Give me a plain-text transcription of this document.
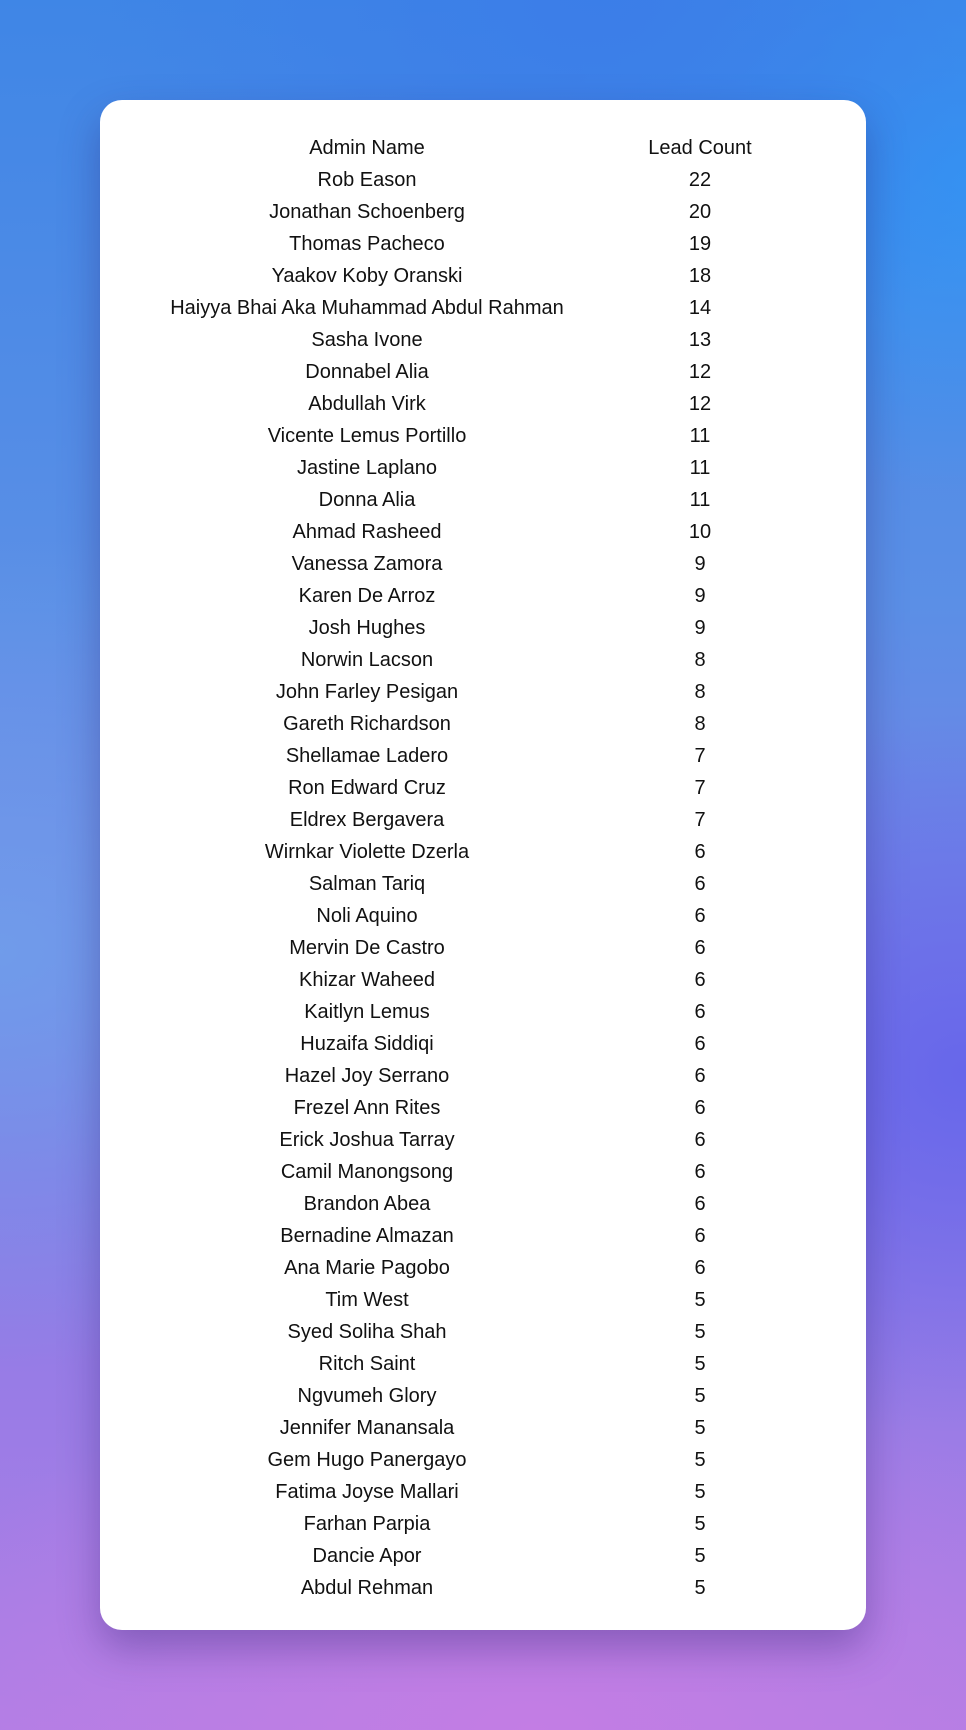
Admin Name	Lead Count
Rob Eason	22
Jonathan Schoenberg	20
Thomas Pacheco	19
Yaakov Koby Oranski	18
Haiyya Bhai Aka Muhammad Abdul Rahman	14
Sasha Ivone	13
Donnabel Alia	12
Abdullah Virk	12
Vicente Lemus Portillo	11
Jastine Laplano	11
Donna Alia	11
Ahmad Rasheed	10
Vanessa Zamora	9
Karen De Arroz	9
Josh Hughes	9
Norwin Lacson	8
John Farley Pesigan	8
Gareth Richardson	8
Shellamae Ladero	7
Ron Edward Cruz	7
Eldrex Bergavera	7
Wirnkar Violette Dzerla	6
Salman Tariq	6
Noli Aquino	6
Mervin De Castro	6
Khizar Waheed	6
Kaitlyn Lemus	6
Huzaifa Siddiqi	6
Hazel Joy Serrano	6
Frezel Ann Rites	6
Erick Joshua Tarray	6
Camil Manongsong	6
Brandon Abea	6
Bernadine Almazan	6
Ana Marie Pagobo	6
Tim West	5
Syed Soliha Shah	5
Ritch Saint	5
Ngvumeh Glory	5
Jennifer Manansala	5
Gem Hugo Panergayo	5
Fatima Joyse Mallari	5
Farhan Parpia	5
Dancie Apor	5
Abdul Rehman	5
